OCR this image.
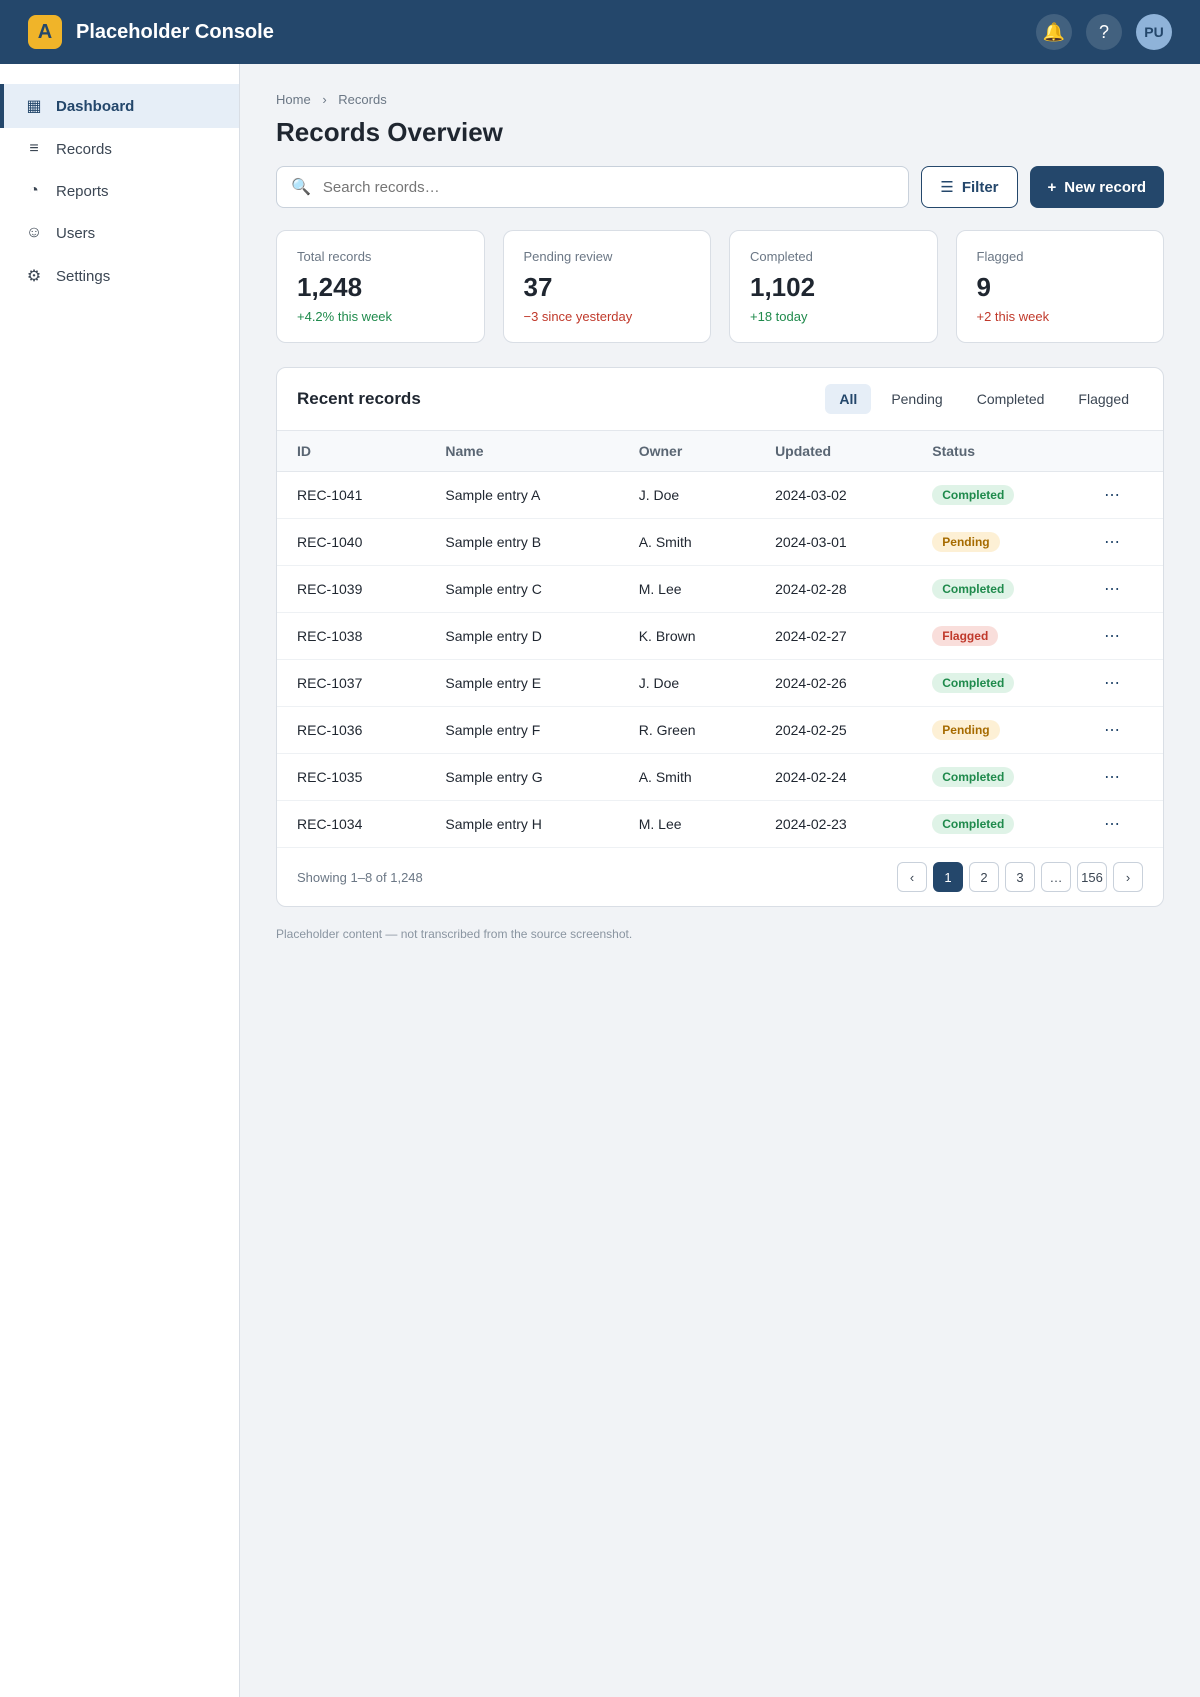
A	Placeholder Console	🔔	?	PU
▦ Dashboard
≡	Records
◔	Reports
☺ Users
⚙ Settings
Home › Records
Records Overview
🔍
Search records…	☰ Filter	+ New record
Total records
1,248
+4.2% this week
Pending review
37
−3 since yesterday
Completed
1,102
+18 today
Flagged
9
+2 this week
Recent records	All	Pending	Completed	Flagged
ID	Name	Owner	Updated	Status	
REC-1041	Sample entry A	J. Doe	2024-03-02	Completed	⋯
REC-1040	Sample entry B	A. Smith	2024-03-01	Pending	⋯
REC-1039	Sample entry C	M. Lee	2024-02-28	Completed	⋯
REC-1038	Sample entry D	K. Brown	2024-02-27	Flagged	⋯
REC-1037	Sample entry E	J. Doe	2024-02-26	Completed	⋯
REC-1036	Sample entry F	R. Green	2024-02-25	Pending	⋯
REC-1035	Sample entry G	A. Smith	2024-02-24	Completed	⋯
REC-1034	Sample entry H	M. Lee	2024-02-23	Completed	⋯
Showing 1–8 of 1,248	‹	1	2	3	…	156	›
Placeholder content — not transcribed from the source screenshot.
